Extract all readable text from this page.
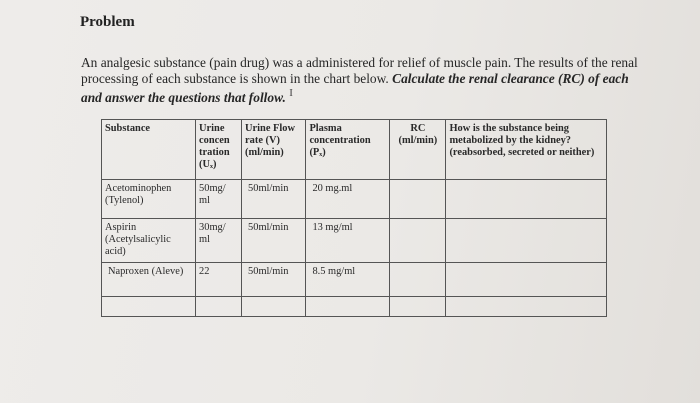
Problem
An analgesic substance (pain drug) was a administered for relief of muscle pain. The results of the renal processing of each substance is shown in the chart below. Calculate the renal clearance (RC) of each and answer the questions that follow. $^I$
Substance	Urine concen tration (Uₓ)	Urine Flow rate (V) (ml/min)	Plasma concentration (Pₓ)	RC (ml/min)	How is the substance being metabolized by the kidney? (reabsorbed, secreted or neither)
Acetominophen (Tylenol)	50mg/ ml	50ml/min	20 mg.ml		
Aspirin (Acetylsalicylic acid)	30mg/ ml	50ml/min	13 mg/ml		
Naproxen (Aleve)	22	50ml/min	8.5 mg/ml		
